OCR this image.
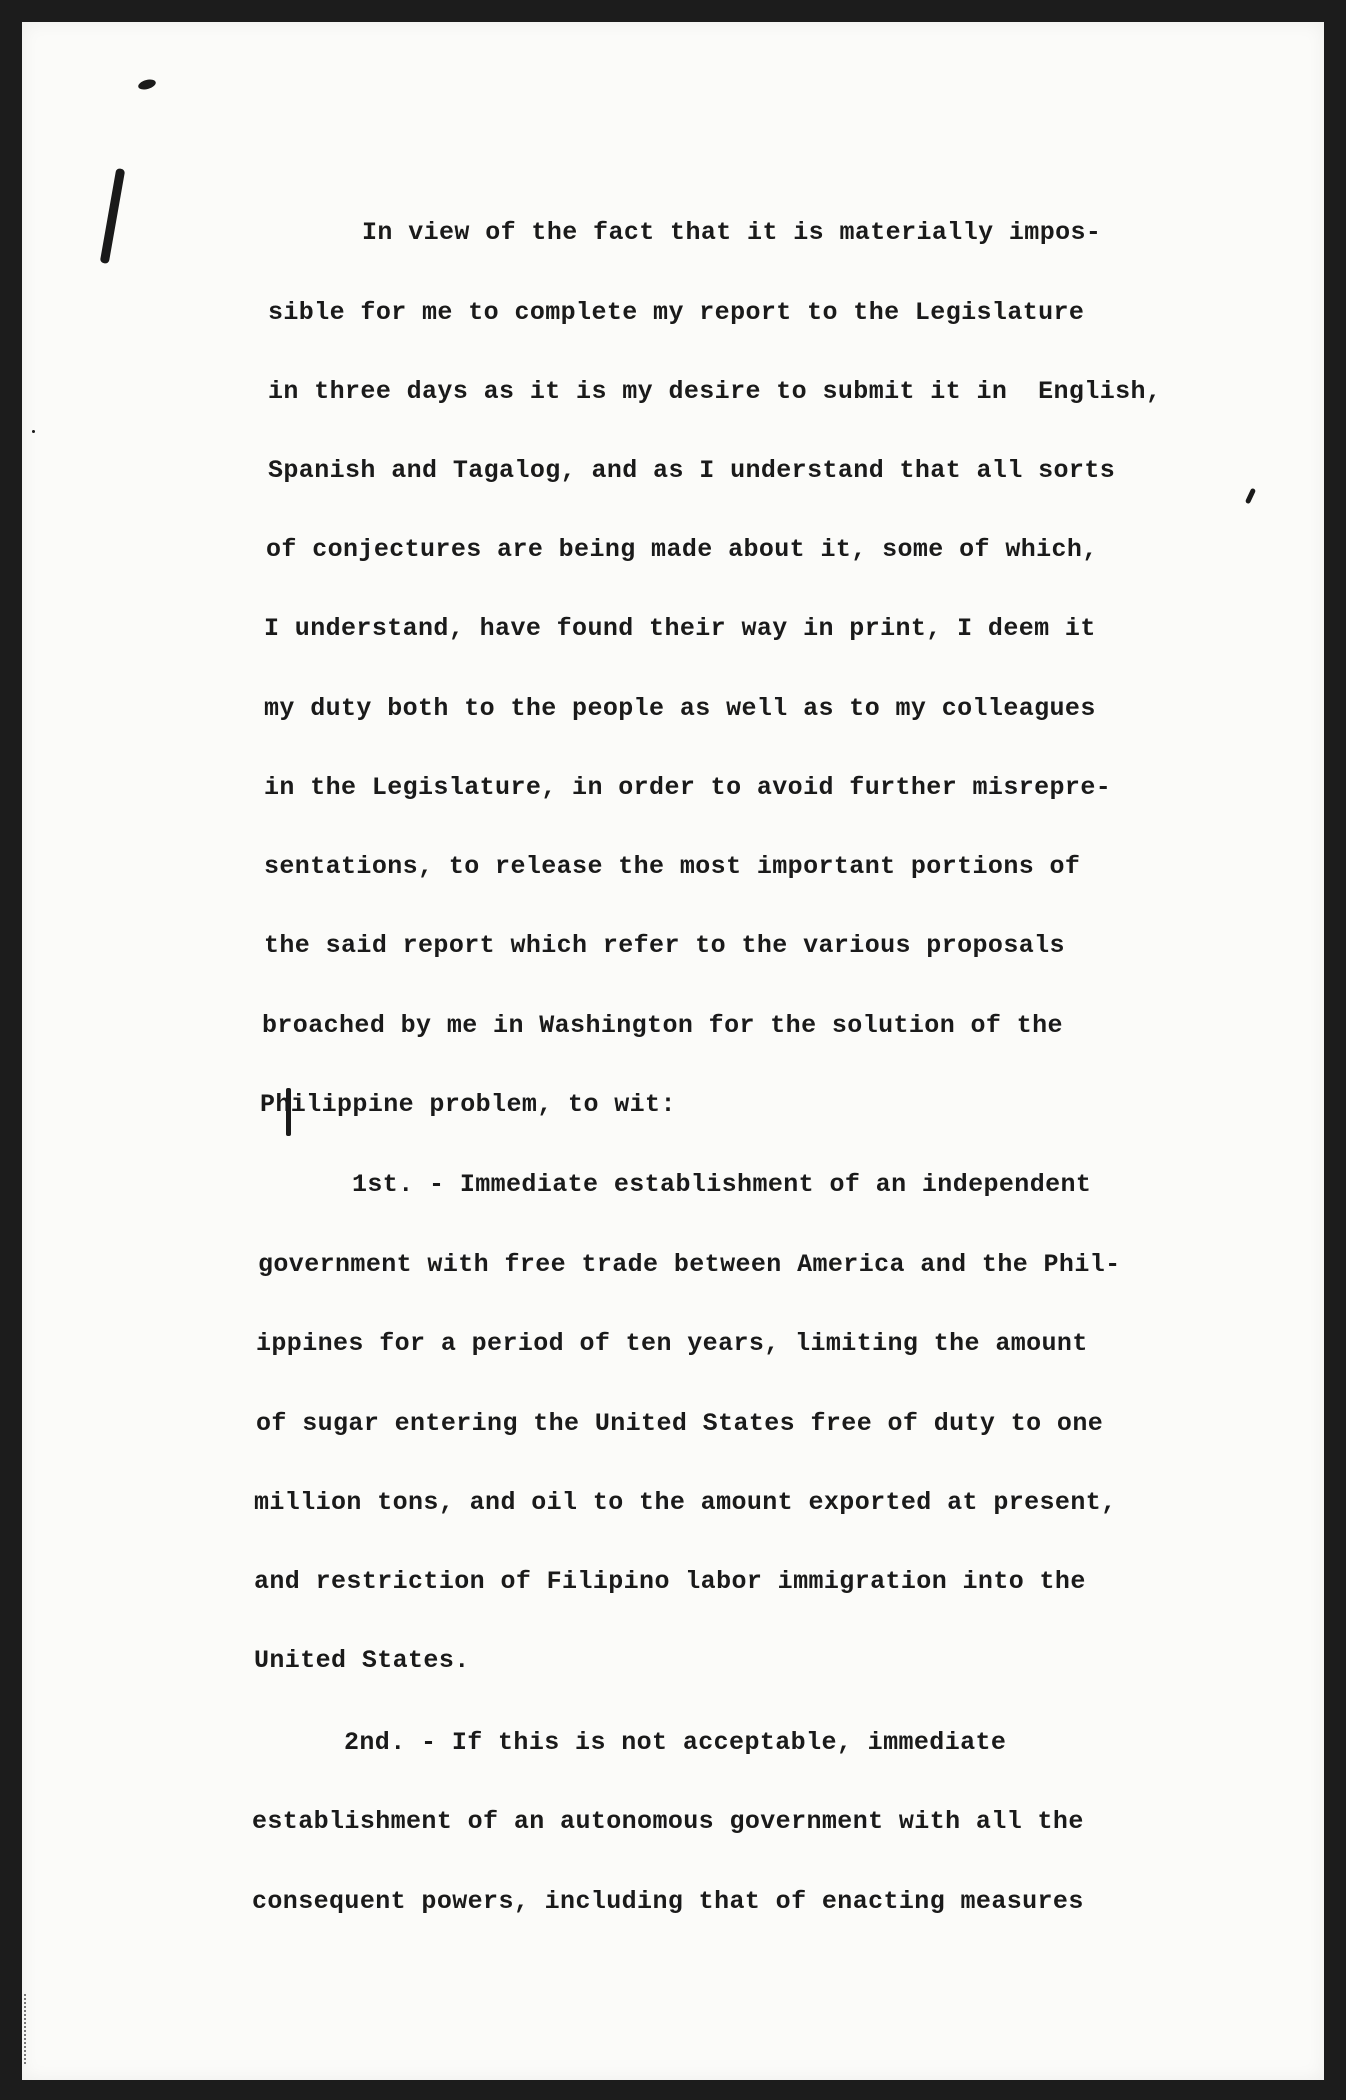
In view of the fact that it is materially impos-
sible for me to complete my report to the Legislature
in three days as it is my desire to submit it in  English,
Spanish and Tagalog, and as I understand that all sorts
of conjectures are being made about it, some of which,
I understand, have found their way in print, I deem it
my duty both to the people as well as to my colleagues
in the Legislature, in order to avoid further misrepre-
sentations, to release the most important portions of
the said report which refer to the various proposals
broached by me in Washington for the solution of the
Philippine problem, to wit:
1st. - Immediate establishment of an independent
government with free trade between America and the Phil-
ippines for a period of ten years, limiting the amount
of sugar entering the United States free of duty to one
million tons, and oil to the amount exported at present,
and restriction of Filipino labor immigration into the
United States.
2nd. - If this is not acceptable, immediate
establishment of an autonomous government with all the
consequent powers, including that of enacting measures
